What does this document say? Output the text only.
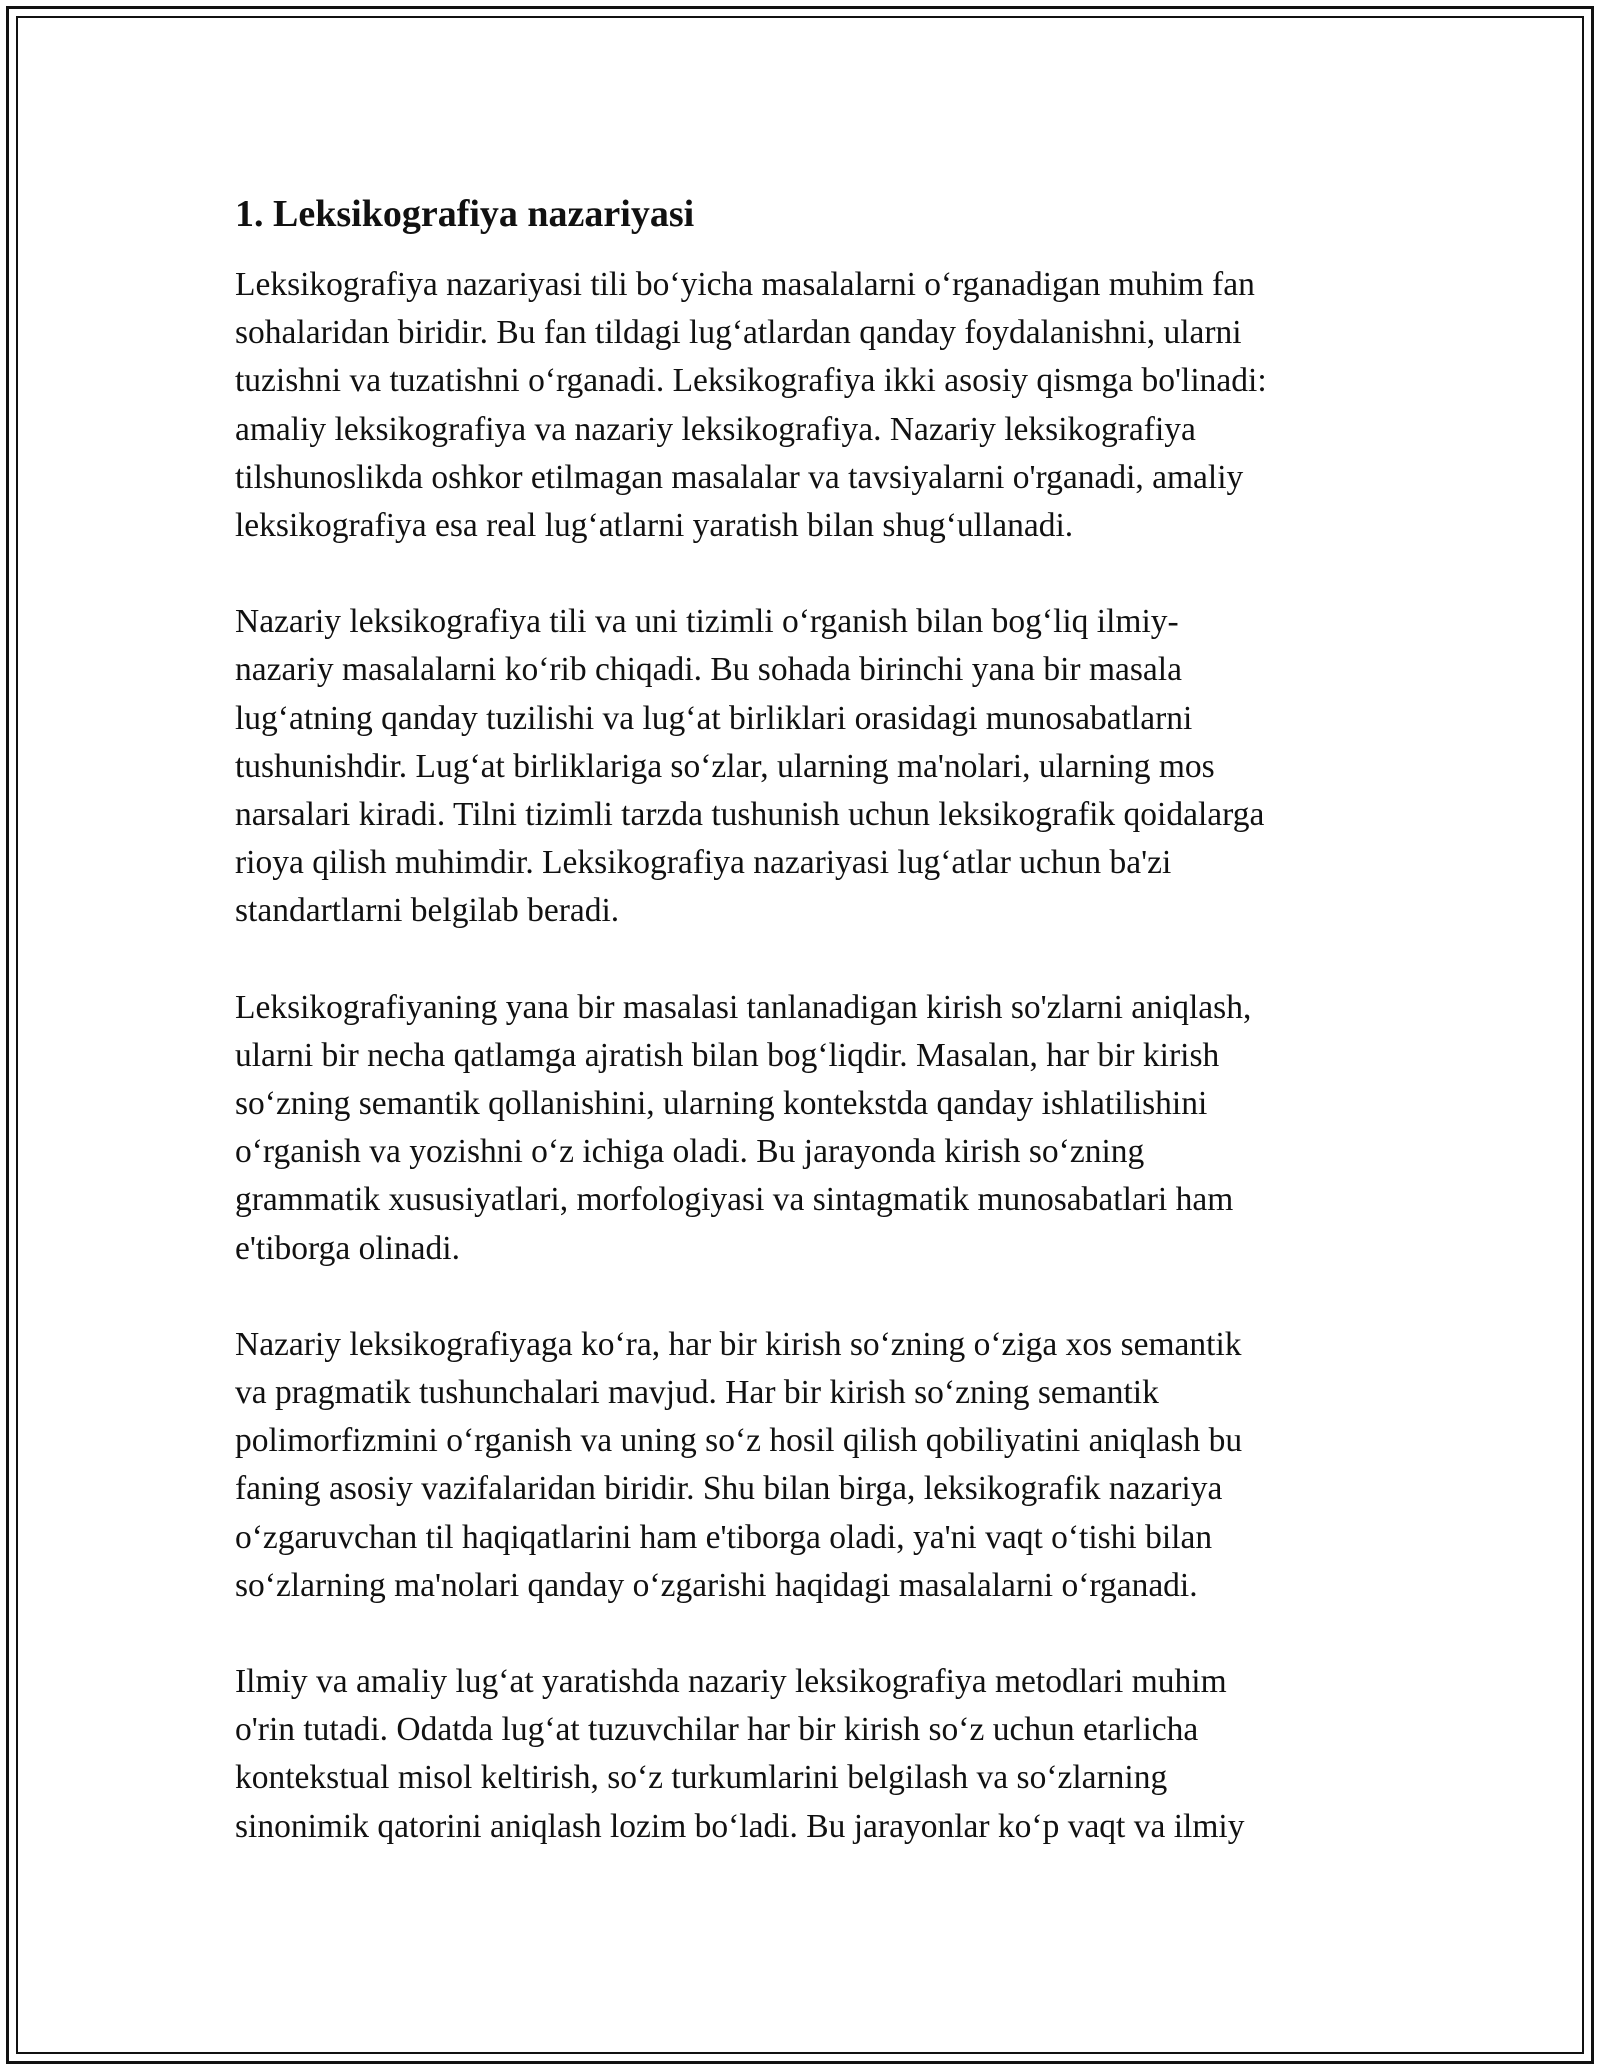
1. Leksikografiya nazariyasi

Leksikografiya nazariyasi tili bo‘yicha masalalarni o‘rganadigan muhim fan
sohalaridan biridir. Bu fan tildagi lug‘atlardan qanday foydalanishni, ularni
tuzishni va tuzatishni o‘rganadi. Leksikografiya ikki asosiy qismga bo'linadi:
amaliy leksikografiya va nazariy leksikografiya. Nazariy leksikografiya
tilshunoslikda oshkor etilmagan masalalar va tavsiyalarni o'rganadi, amaliy
leksikografiya esa real lug‘atlarni yaratish bilan shug‘ullanadi.

Nazariy leksikografiya tili va uni tizimli o‘rganish bilan bog‘liq ilmiy-
nazariy masalalarni ko‘rib chiqadi. Bu sohada birinchi yana bir masala
lug‘atning qanday tuzilishi va lug‘at birliklari orasidagi munosabatlarni
tushunishdir. Lug‘at birliklariga so‘zlar, ularning ma'nolari, ularning mos
narsalari kiradi. Tilni tizimli tarzda tushunish uchun leksikografik qoidalarga
rioya qilish muhimdir. Leksikografiya nazariyasi lug‘atlar uchun ba'zi
standartlarni belgilab beradi.

Leksikografiyaning yana bir masalasi tanlanadigan kirish so'zlarni aniqlash,
ularni bir necha qatlamga ajratish bilan bog‘liqdir. Masalan, har bir kirish
so‘zning semantik qollanishini, ularning kontekstda qanday ishlatilishini
o‘rganish va yozishni o‘z ichiga oladi. Bu jarayonda kirish so‘zning
grammatik xususiyatlari, morfologiyasi va sintagmatik munosabatlari ham
e'tiborga olinadi.

Nazariy leksikografiyaga ko‘ra, har bir kirish so‘zning o‘ziga xos semantik
va pragmatik tushunchalari mavjud. Har bir kirish so‘zning semantik
polimorfizmini o‘rganish va uning so‘z hosil qilish qobiliyatini aniqlash bu
faning asosiy vazifalaridan biridir. Shu bilan birga, leksikografik nazariya
o‘zgaruvchan til haqiqatlarini ham e'tiborga oladi, ya'ni vaqt o‘tishi bilan
so‘zlarning ma'nolari qanday o‘zgarishi haqidagi masalalarni o‘rganadi.

Ilmiy va amaliy lug‘at yaratishda nazariy leksikografiya metodlari muhim
o'rin tutadi. Odatda lug‘at tuzuvchilar har bir kirish so‘z uchun etarlicha
kontekstual misol keltirish, so‘z turkumlarini belgilash va so‘zlarning
sinonimik qatorini aniqlash lozim bo‘ladi. Bu jarayonlar ko‘p vaqt va ilmiy
